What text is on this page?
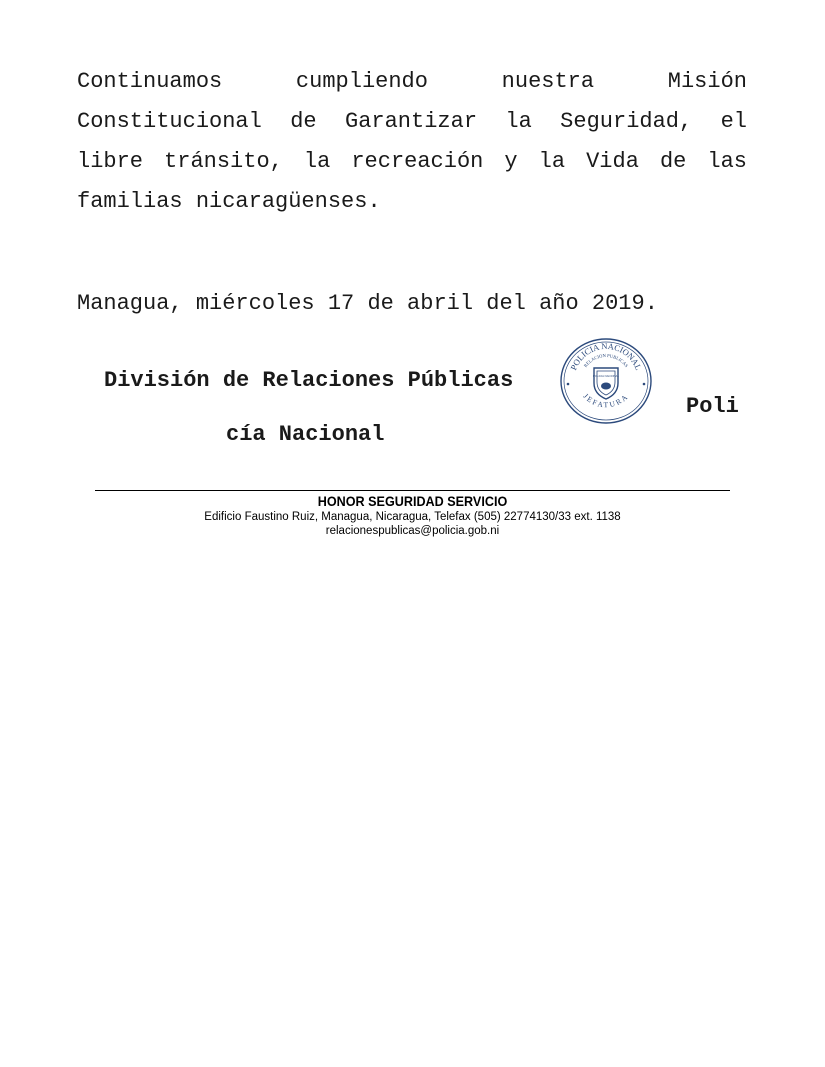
Continuamos cumpliendo nuestra Misión Constitucional de Garantizar la Seguridad, el libre tránsito, la recreación y la Vida de las familias nicaragüenses.
Managua, miércoles 17 de abril del año 2019.
División de Relaciones Públicas
Poli
cía Nacional
POLICIA NACIONAL
RELACION PUBLICAS
JEFATURA
POLICIA NACIONAL
HONOR SEGURIDAD SERVICIO
Edificio Faustino Ruiz, Managua, Nicaragua, Telefax (505) 22774130/33 ext. 1138
relacionespublicas@policia.gob.ni
